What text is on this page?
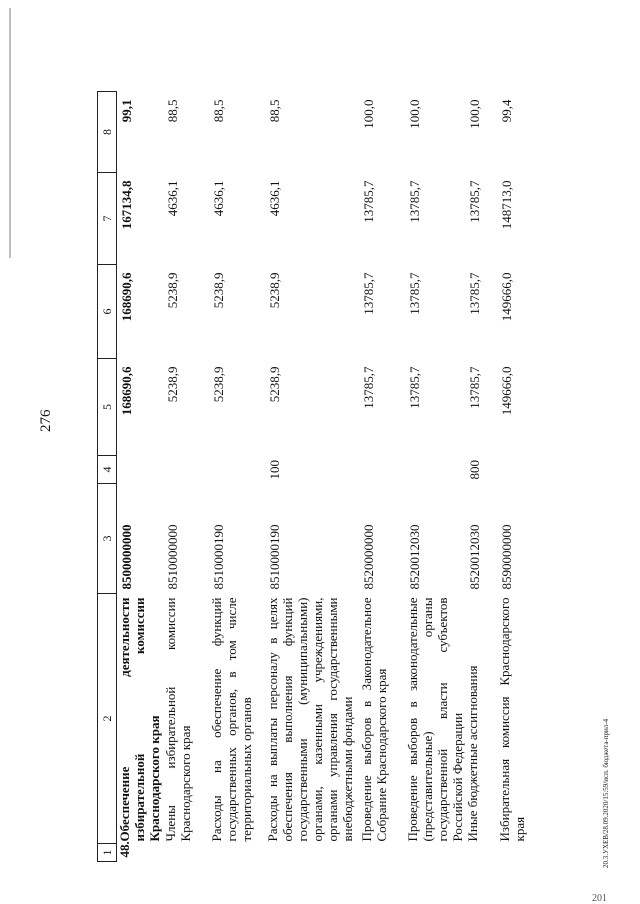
276
20.3.УХЕВ/28.09.2020/15:59/исп. бюджета-прил-4
201
1	2	3	4	5	6	7	8
48.	Обеспечение деятельности избирательной комиссии Краснодарского края	8500000000		168690,6	168690,6	167134,8	99,1
	Члены избирательной комиссии Краснодарского края	8510000000		5238,9	5238,9	4636,1	88,5
	Расходы на обеспечение функций государственных органов, в том числе территориальных органов	8510000190		5238,9	5238,9	4636,1	88,5
	Расходы на выплаты персоналу в целях обеспечения выполнения функций государственными (муниципальными) органами, казенными учреждениями, органами управления государственными внебюджетными фондами	8510000190	100	5238,9	5238,9	4636,1	88,5
	Проведение выборов в Законодательное Собрание Краснодарского края	8520000000		13785,7	13785,7	13785,7	100,0
	Проведение выборов в законодательные (представительные) органы государственной власти субъектов Российской Федерации	8520012030		13785,7	13785,7	13785,7	100,0
	Иные бюджетные ассигнования	8520012030	800	13785,7	13785,7	13785,7	100,0
	Избирательная комиссия Краснодарского края	8590000000		149666,0	149666,0	148713,0	99,4
